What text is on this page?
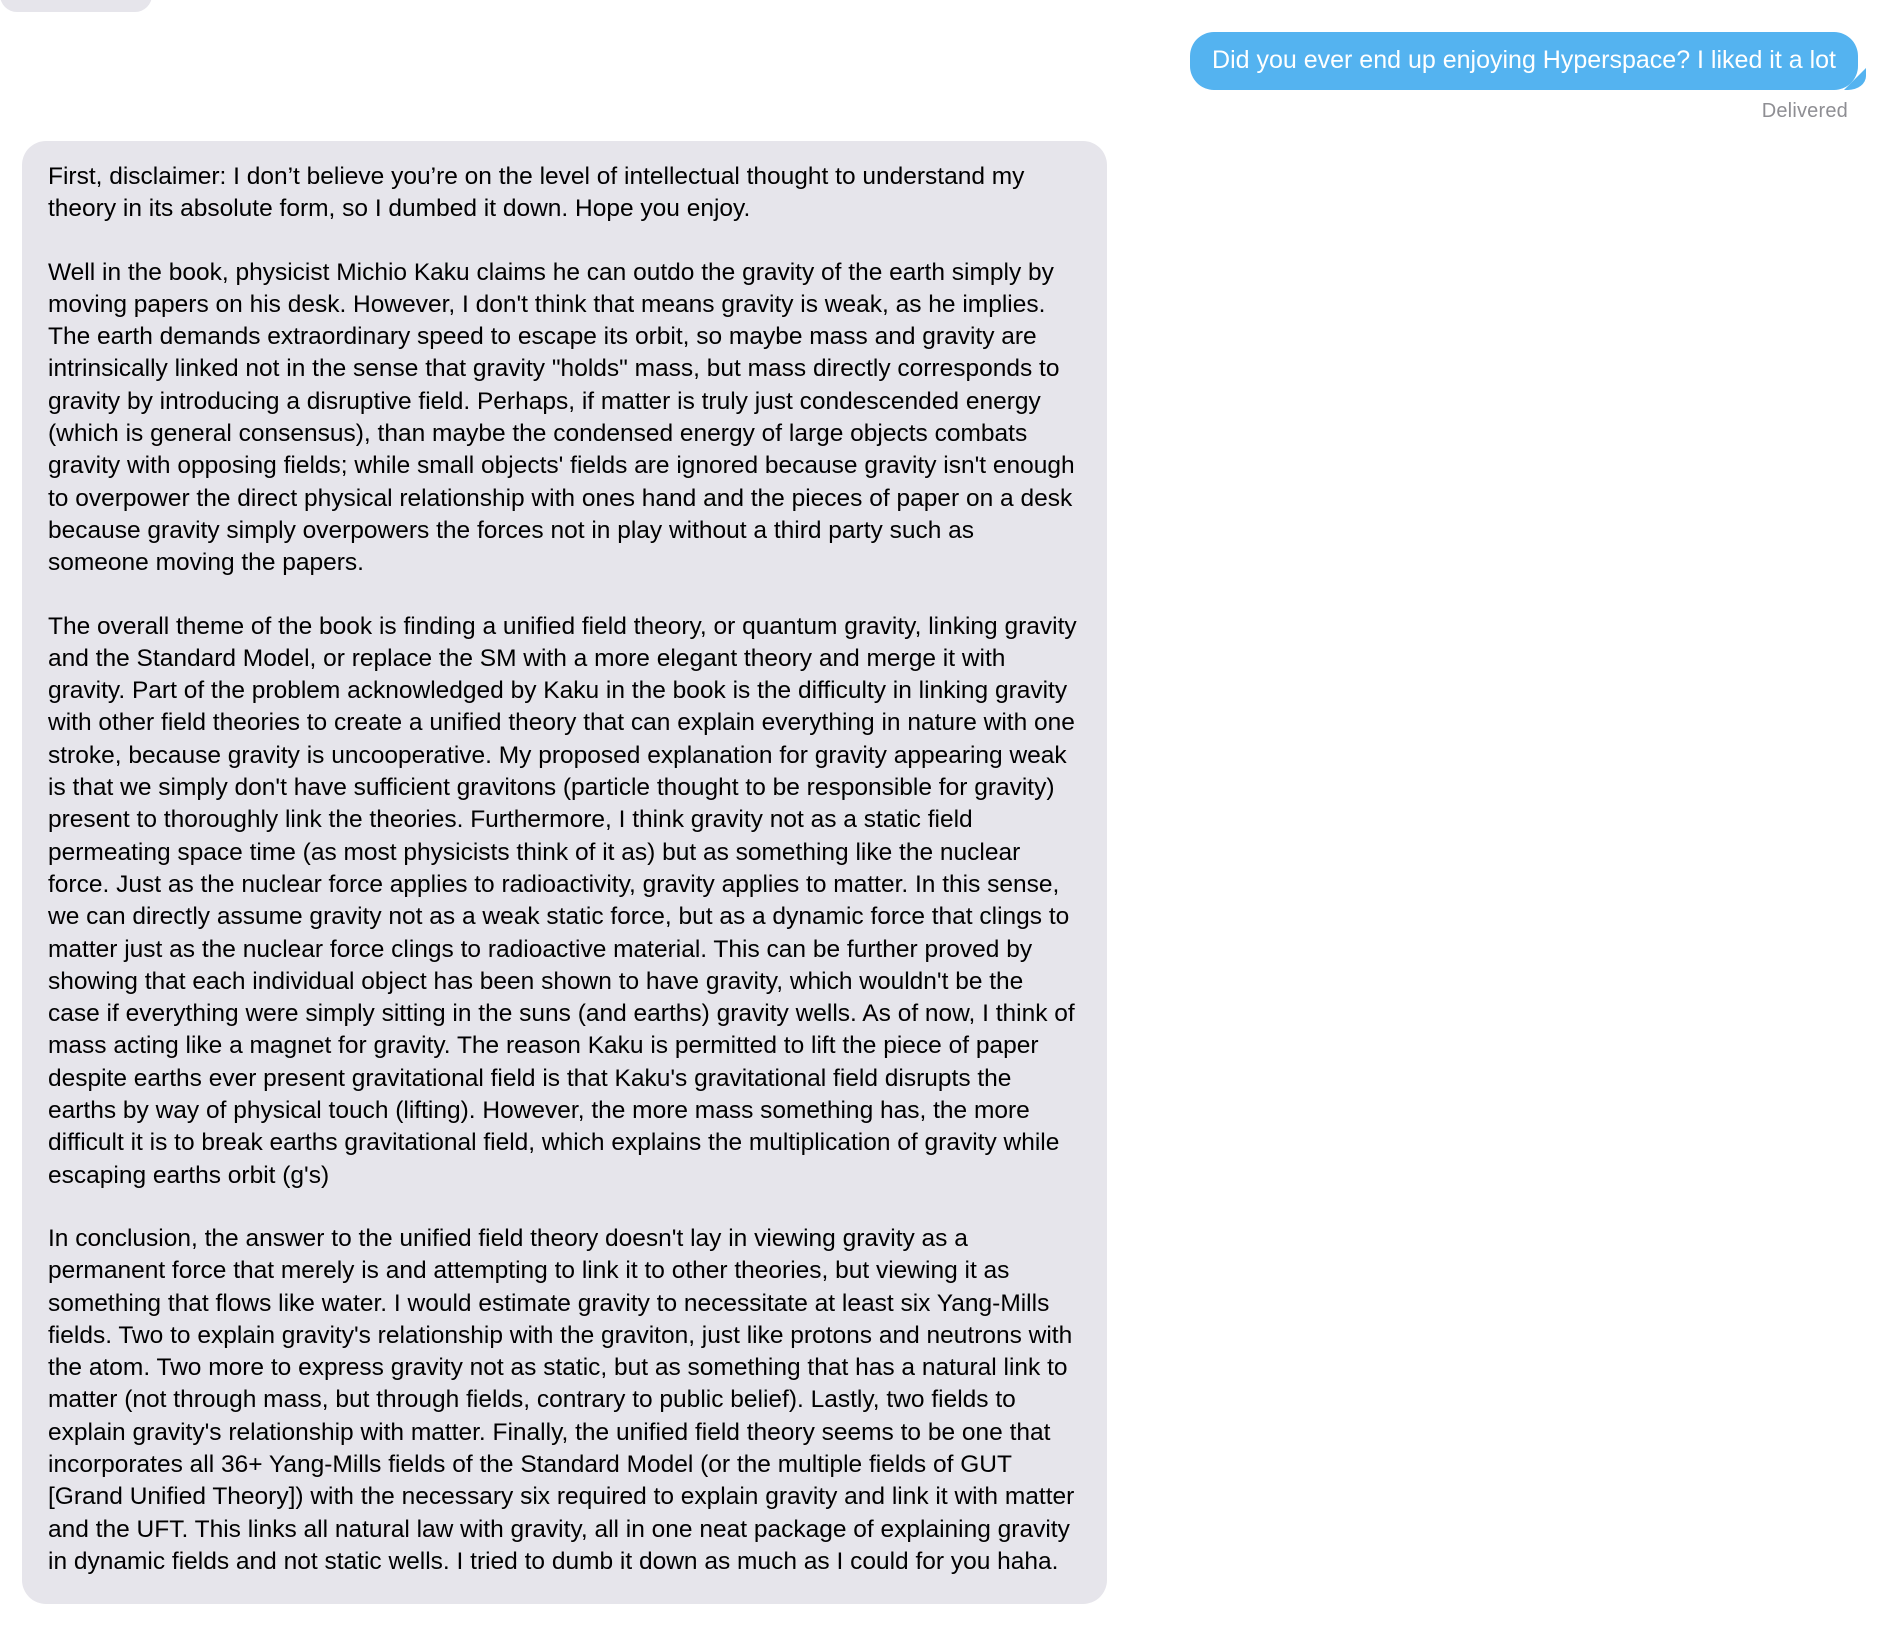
Did you ever end up enjoying Hyperspace? I liked it a lot
Delivered

First, disclaimer: I don’t believe you’re on the level of intellectual thought to understand my theory in its absolute form, so I dumbed it down. Hope you enjoy.

Well in the book, physicist Michio Kaku claims he can outdo the gravity of the earth simply by moving papers on his desk. However, I don't think that means gravity is weak, as he implies. The earth demands extraordinary speed to escape its orbit, so maybe mass and gravity are intrinsically linked not in the sense that gravity "holds" mass, but mass directly corresponds to gravity by introducing a disruptive field. Perhaps, if matter is truly just condescended energy (which is general consensus), than maybe the condensed energy of large objects combats gravity with opposing fields; while small objects' fields are ignored because gravity isn't enough to overpower the direct physical relationship with ones hand and the pieces of paper on a desk because gravity simply overpowers the forces not in play without a third party such as someone moving the papers.

The overall theme of the book is finding a unified field theory, or quantum gravity, linking gravity and the Standard Model, or replace the SM with a more elegant theory and merge it with gravity. Part of the problem acknowledged by Kaku in the book is the difficulty in linking gravity with other field theories to create a unified theory that can explain everything in nature with one stroke, because gravity is uncooperative. My proposed explanation for gravity appearing weak is that we simply don't have sufficient gravitons (particle thought to be responsible for gravity) present to thoroughly link the theories. Furthermore, I think gravity not as a static field permeating space time (as most physicists think of it as) but as something like the nuclear force. Just as the nuclear force applies to radioactivity, gravity applies to matter. In this sense, we can directly assume gravity not as a weak static force, but as a dynamic force that clings to matter just as the nuclear force clings to radioactive material. This can be further proved by showing that each individual object has been shown to have gravity, which wouldn't be the case if everything were simply sitting in the suns (and earths) gravity wells. As of now, I think of mass acting like a magnet for gravity. The reason Kaku is permitted to lift the piece of paper despite earths ever present gravitational field is that Kaku's gravitational field disrupts the earths by way of physical touch (lifting). However, the more mass something has, the more difficult it is to break earths gravitational field, which explains the multiplication of gravity while escaping earths orbit (g's)

In conclusion, the answer to the unified field theory doesn't lay in viewing gravity as a permanent force that merely is and attempting to link it to other theories, but viewing it as something that flows like water. I would estimate gravity to necessitate at least six Yang-Mills fields. Two to explain gravity's relationship with the graviton, just like protons and neutrons with the atom. Two more to express gravity not as static, but as something that has a natural link to matter (not through mass, but through fields, contrary to public belief). Lastly, two fields to explain gravity's relationship with matter. Finally, the unified field theory seems to be one that incorporates all 36+ Yang-Mills fields of the Standard Model (or the multiple fields of GUT [Grand Unified Theory]) with the necessary six required to explain gravity and link it with matter and the UFT. This links all natural law with gravity, all in one neat package of explaining gravity in dynamic fields and not static wells. I tried to dumb it down as much as I could for you haha.
